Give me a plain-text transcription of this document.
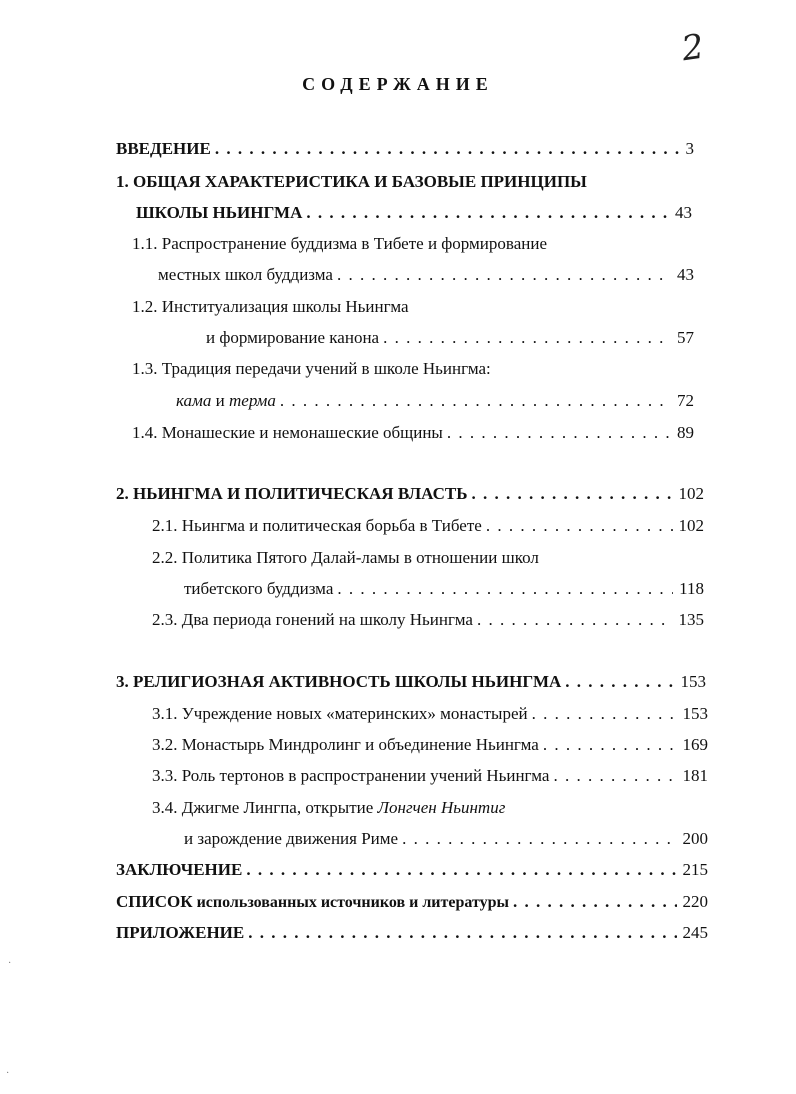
2
СОДЕРЖАНИЕ
ВВЕДЕНИЕ . . .	3
1. ОБЩАЯ ХАРАКТЕРИСТИКА И БАЗОВЫЕ ПРИНЦИПЫ
ШКОЛЫ НЬИНГМА . . .	43
1.1. Распространение буддизма в Тибете и формирование
местных школ буддизма . . .	43
1.2. Институализация школы Ньингма
и формирование канона . . .	57
1.3. Традиция передачи учений в школе Ньингма:
кама и терма . . .	72
1.4. Монашеские и немонашеские общины . . .	89
2. НЬИНГМА И ПОЛИТИЧЕСКАЯ ВЛАСТЬ . . .	102
2.1. Ньингма и политическая борьба в Тибете . . .	102
2.2. Политика Пятого Далай-ламы в отношении школ
тибетского буддизма . . .	118
2.3. Два периода гонений на школу Ньингма . . .	135
3. РЕЛИГИОЗНАЯ АКТИВНОСТЬ ШКОЛЫ НЬИНГМА . . .	153
3.1. Учреждение новых «материнских» монастырей . . .	153
3.2. Монастырь Миндролинг и объединение Ньингма . . .	169
3.3. Роль тертонов в распространении учений Ньингма . . .	181
3.4. Джигме Лингпа, открытие Лонгчен Ньинтиг
и зарождение движения Риме . . .	200
ЗАКЛЮЧЕНИЕ . . .	215
СПИСОК использованных источников и литературы . . .	220
ПРИЛОЖЕНИЕ . . .	245
·
·
